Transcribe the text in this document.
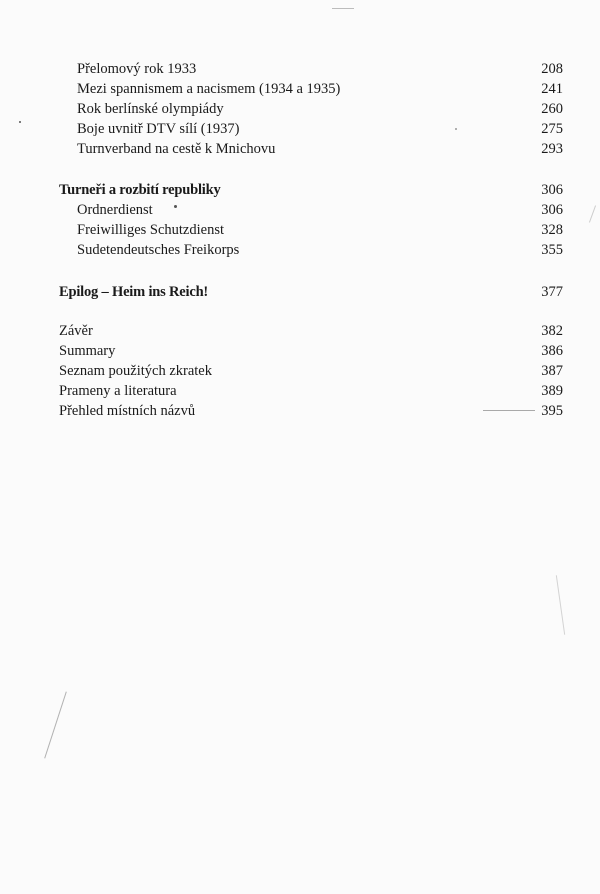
Přelomový rok 1933	208
Mezi spannismem a nacismem (1934 a 1935)	241
Rok berlínské olympiády	260
Boje uvnitř DTV sílí (1937)	275
Turnverband na cestě k Mnichovu	293
Turneři a rozbití republiky	306
Ordnerdienst	306
Freiwilliges Schutzdienst	328
Sudetendeutsches Freikorps	355
Epilog – Heim ins Reich!	377
Závěr	382
Summary	386
Seznam použitých zkratek	387
Prameny a literatura	389
Přehled místních názvů	395
